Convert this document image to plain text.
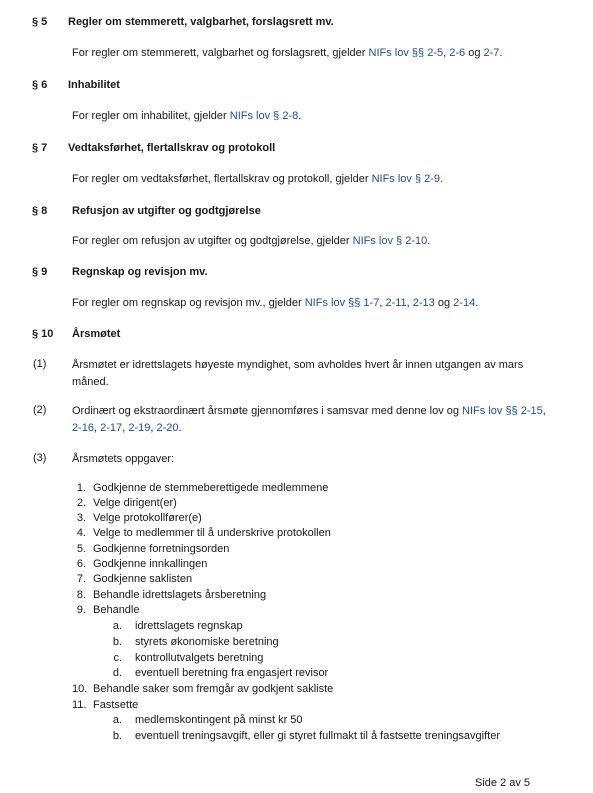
§ 5 Regler om stemmerett, valgbarhet, forslagsrett mv.
For regler om stemmerett, valgbarhet og forslagsrett, gjelder NIFs lov §§ 2-5, 2-6 og 2-7.
§ 6 Inhabilitet
For regler om inhabilitet, gjelder NIFs lov § 2-8.
§ 7 Vedtaksførhet, flertallskrav og protokoll
For regler om vedtaksførhet, flertallskrav og protokoll, gjelder NIFs lov § 2-9.
§ 8 Refusjon av utgifter og godtgjørelse
For regler om refusjon av utgifter og godtgjørelse, gjelder NIFs lov § 2-10.
§ 9 Regnskap og revisjon mv.
For regler om regnskap og revisjon mv., gjelder NIFs lov §§ 1-7, 2-11, 2-13 og 2-14.
§ 10 Årsmøtet
(1) Årsmøtet er idrettslagets høyeste myndighet, som avholdes hvert år innen utgangen av mars
måned.
(2) Ordinært og ekstraordinært årsmøte gjennomføres i samsvar med denne lov og NIFs lov §§ 2-15,
2-16, 2-17, 2-19, 2-20.
(3) Årsmøtets oppgaver:
1. Godkjenne de stemmeberettigede medlemmene
2. Velge dirigent(er)
3. Velge protokollfører(e)
4. Velge to medlemmer til å underskrive protokollen
5. Godkjenne forretningsorden
6. Godkjenne innkallingen
7. Godkjenne saklisten
8. Behandle idrettslagets årsberetning
9. Behandle
a. idrettslagets regnskap
b. styrets økonomiske beretning
c. kontrollutvalgets beretning
d. eventuell beretning fra engasjert revisor
10. Behandle saker som fremgår av godkjent sakliste
11. Fastsette
a. medlemskontingent på minst kr 50
b. eventuell treningsavgift, eller gi styret fullmakt til å fastsette treningsavgifter
Side 2 av 5
